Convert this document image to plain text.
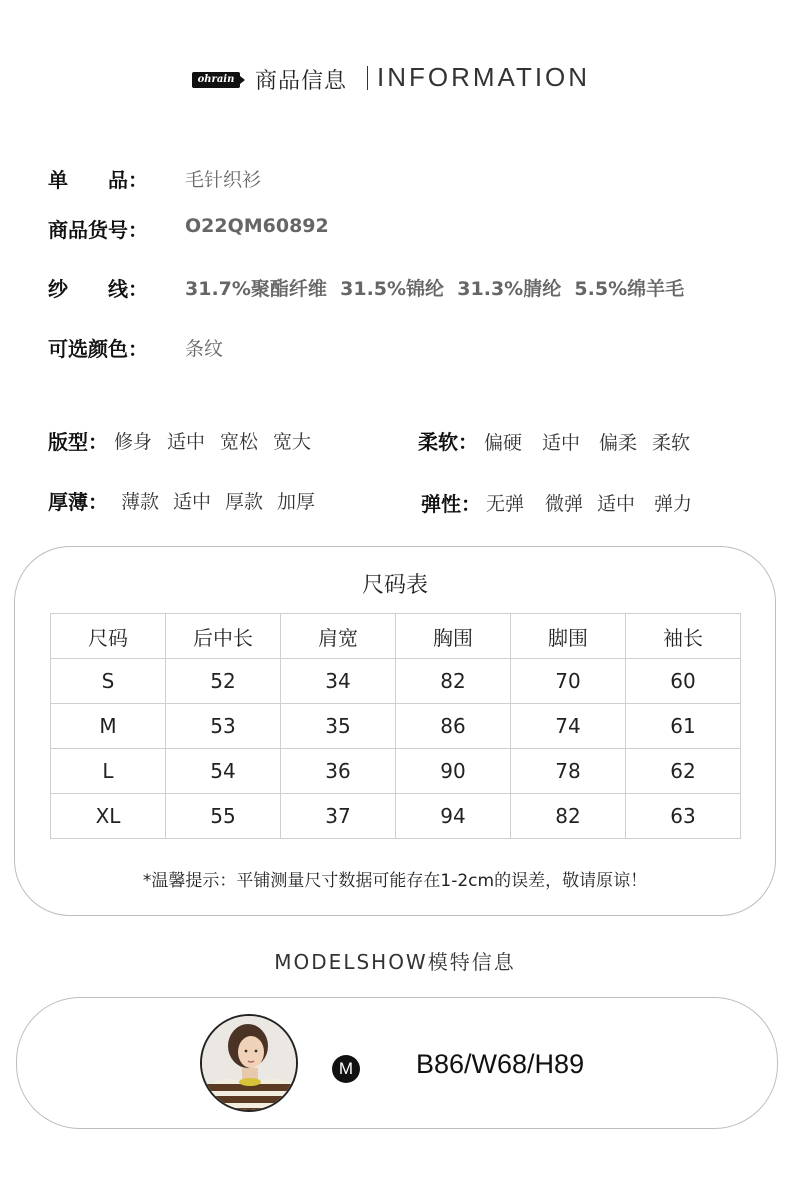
ohrain 商品信息 INFORMATION
单　　品： 毛针织衫
商品货号： O22QM60892
纱　　线： 31.7%聚酯纤维  31.5%锦纶  31.3%腈纶  5.5%绵羊毛
可选颜色： 条纹
版型： 修身 适中 宽松 宽大	柔软： 偏硬 适中 偏柔 柔软
厚薄： 薄款 适中 厚款 加厚	弹性： 无弹 微弹 适中 弹力
尺码表
尺码	后中长	肩宽	胸围	脚围	袖长
S	52	34	82	70	60
M	53	35	86	74	61
L	54	36	90	78	62
XL	55	37	94	82	63
*温馨提示：平铺测量尺寸数据可能存在1-2cm的误差，敬请原谅！
MODELSHOW模特信息
M B86/W68/H89
